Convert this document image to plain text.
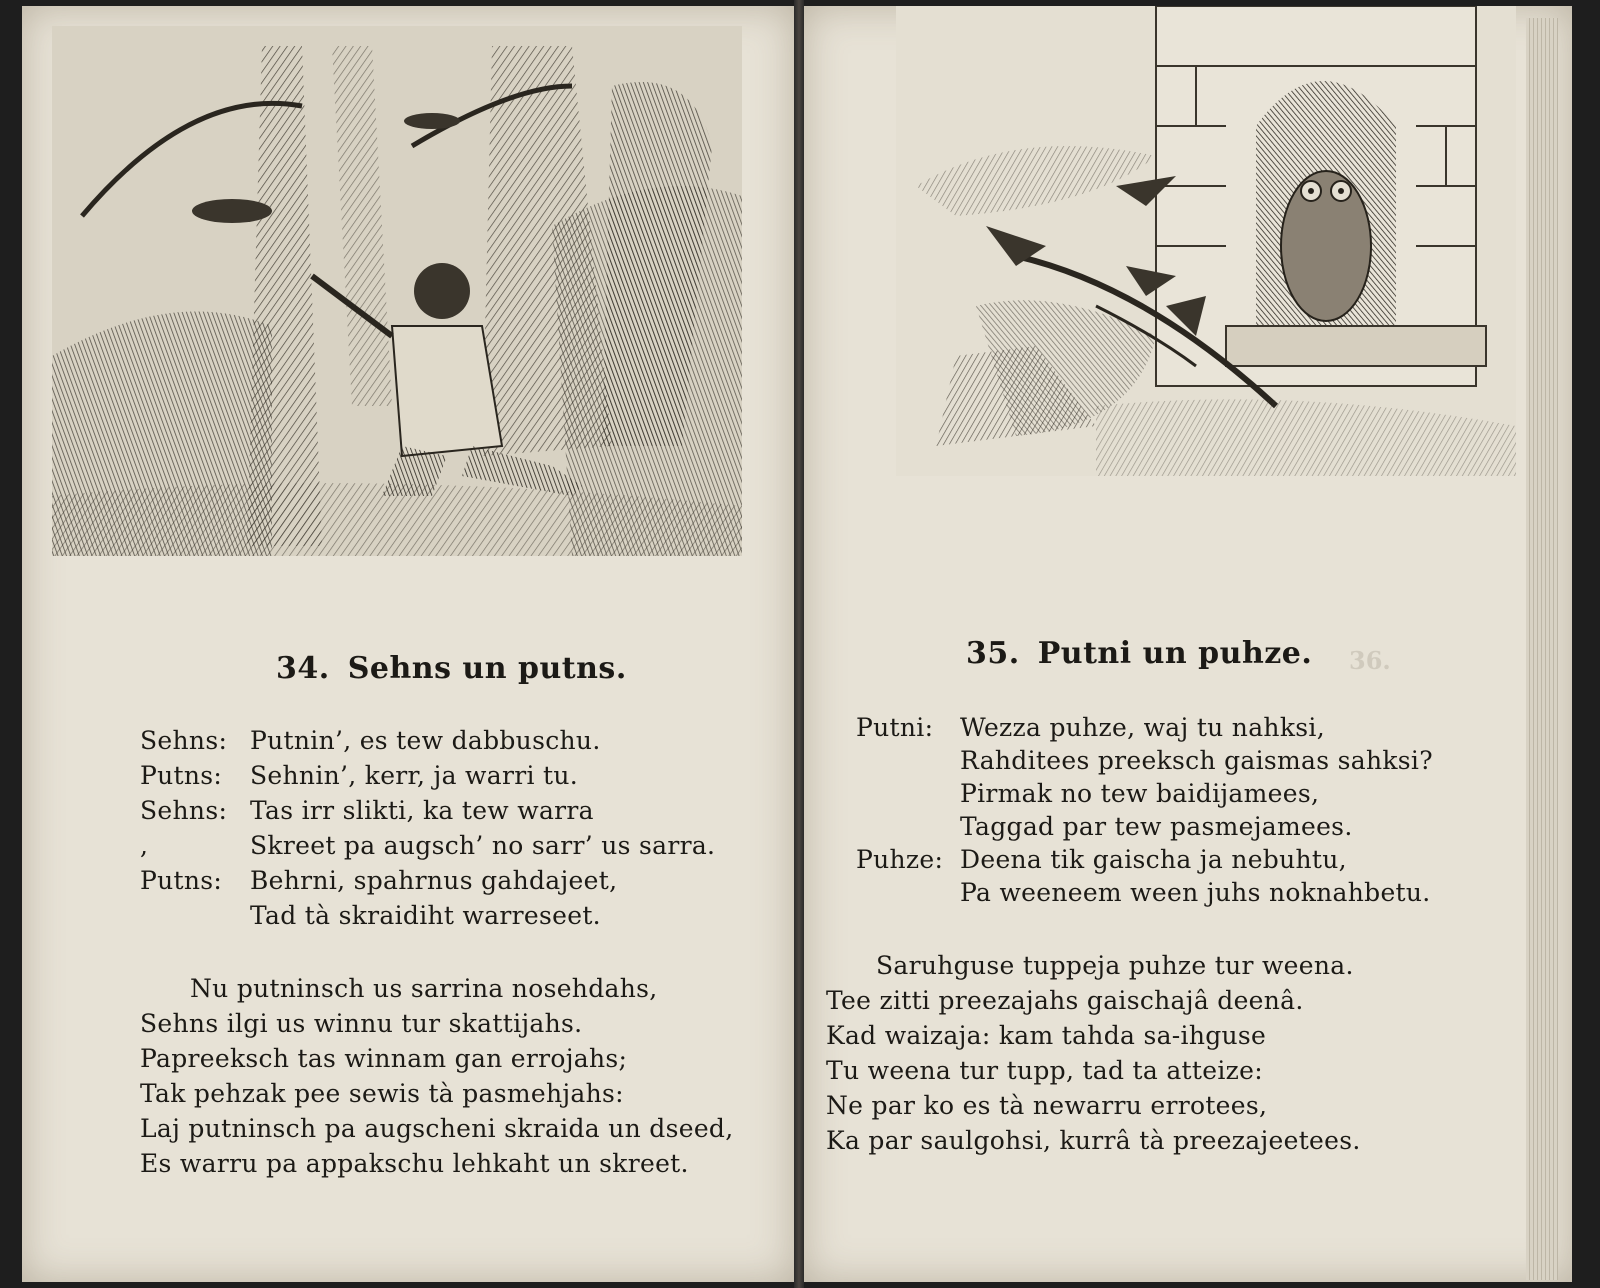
34. Sehns un putns.
Sehns: Putnin’, es tew dabbuschu.
Putns: Sehnin’, kerr, ja warri tu.
Sehns: Tas irr slikti, ka tew warra
,	Skreet pa augsch’ no sarr’ us sarra.
Putns: Behrni, spahrnus gahdajeet,
Tad tà skraidiht warreseet.
Nu putninsch us sarrina nosehdahs,
Sehns ilgi us winnu tur skattijahs.
Papreeksch tas winnam gan errojahs;
Tak pehzak pee sewis tà pasmehjahs:
Laj putninsch pa augscheni skraida un dseed,
Es warru pa appakschu lehkaht un skreet.
36.
35. Putni un puhze.
Putni: Wezza puhze, waj tu nahksi,
Rahditees preeksch gaismas sahksi?
Pirmak no tew baidijamees,
Taggad par tew pasmejamees.
Puhze: Deena tik gaischa ja nebuhtu,
Pa weeneem ween juhs noknahbetu.
Saruhguse tuppeja puhze tur weena.
Tee zitti preezajahs gaischajâ deenâ.
Kad waizaja: kam tahda sa-ihguse
Tu weena tur tupp, tad ta atteize:
Ne par ko es tà newarru errotees,
Ka par saulgohsi, kurrâ tà preezajeetees.
